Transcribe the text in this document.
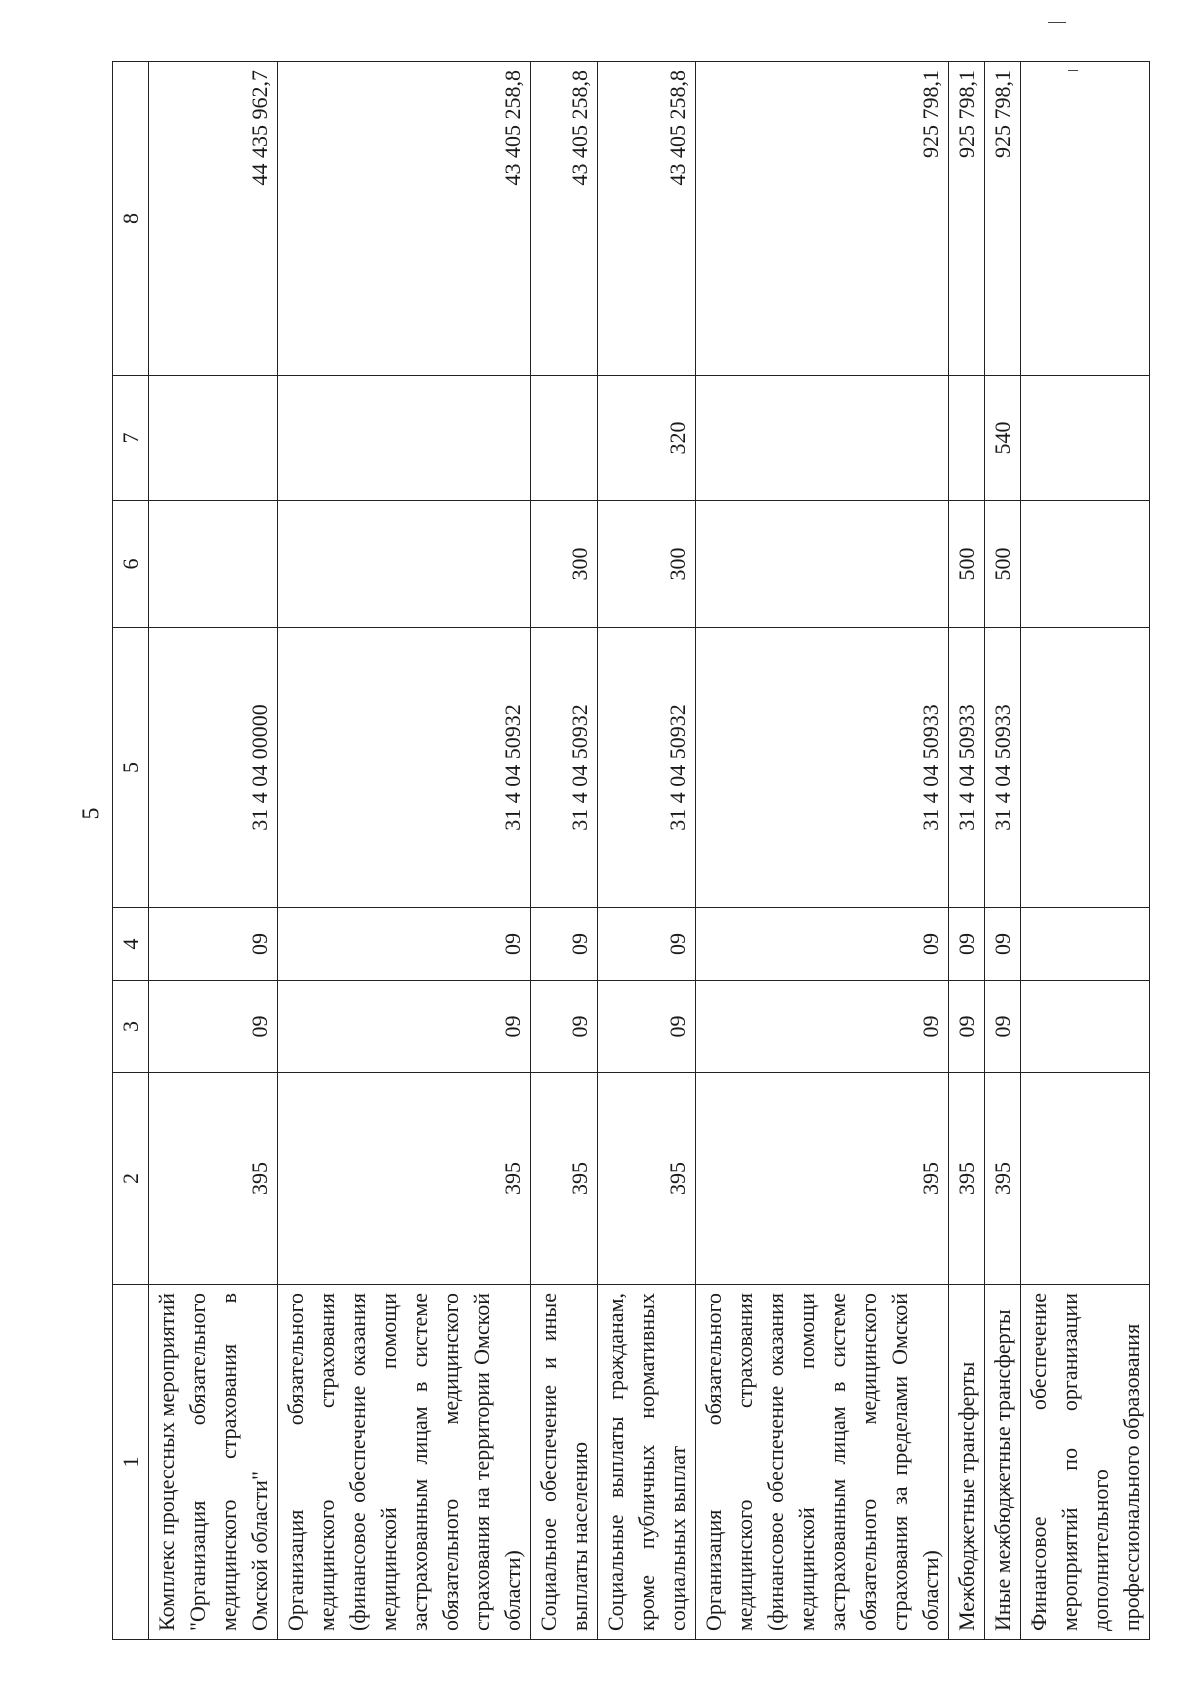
5
1	2	3	4	5	6	7	8
Комплекс процессных мероприятий "Организация обязательного медицинского страхования в Омской области"	395	09	09	31 4 04 00000			44 435 962,7
Организация обязательного медицинского страхования (финансовое обеспечение оказания медицинской помощи застрахованным лицам в системе обязательного медицинского страхования на территории Омской области)	395	09	09	31 4 04 50932			43 405 258,8
Социальное обеспечение и иные выплаты населению	395	09	09	31 4 04 50932	300		43 405 258,8
Социальные выплаты гражданам, кроме публичных нормативных социальных выплат	395	09	09	31 4 04 50932	300	320	43 405 258,8
Организация обязательного медицинского страхования (финансовое обеспечение оказания медицинской помощи застрахованным лицам в системе обязательного медицинского страхования за пределами Омской области)	395	09	09	31 4 04 50933			925 798,1
Межбюджетные трансферты	395	09	09	31 4 04 50933	500		925 798,1
Иные межбюджетные трансферты	395	09	09	31 4 04 50933	500	540	925 798,1
Финансовое обеспечение мероприятий по организации дополнительного профессионального образования							
